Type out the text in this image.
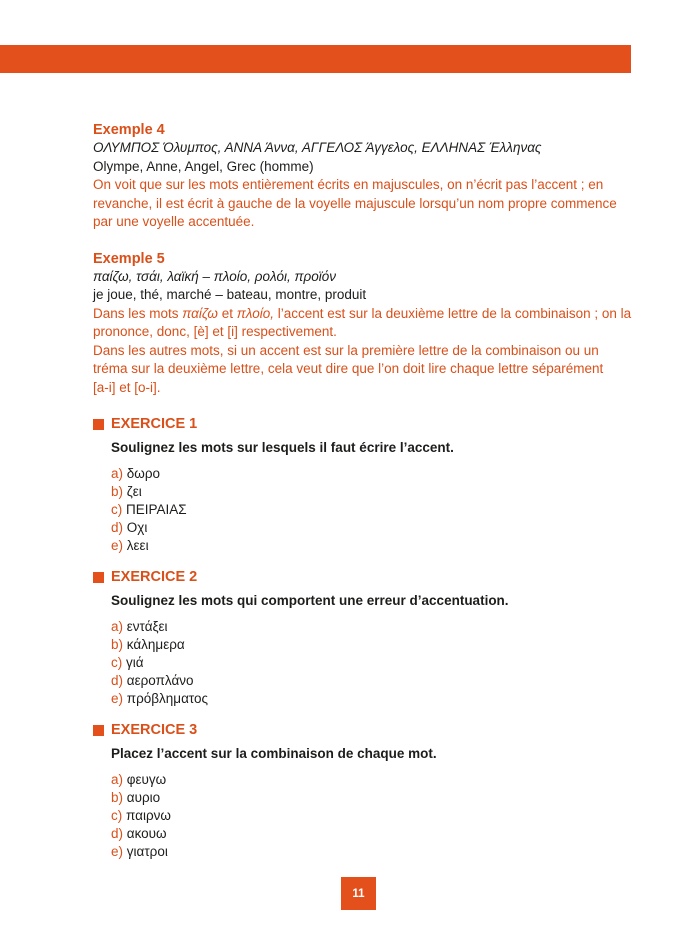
Exemple 4

ΟΛΥΜΠΟΣ Όλυμπος, ΑΝΝΑ Άννα, ΑΓΓΕΛΟΣ Άγγελος, ΕΛΛΗΝΑΣ Έλληνας

Olympe, Anne, Angel, Grec (homme)

On voit que sur les mots entièrement écrits en majuscules, on n’écrit pas l’accent ; en

revanche, il est écrit à gauche de la voyelle majuscule lorsqu’un nom propre commence

par une voyelle accentuée.

Exemple 5

παίζω, τσάι, λαϊκή – πλοίο, ρολόι, προϊόν

je joue, thé, marché – bateau, montre, produit

Dans les mots παίζω et πλοίο, l’accent est sur la deuxième lettre de la combinaison ; on la

prononce, donc, [è] et [i] respectivement.

Dans les autres mots, si un accent est sur la première lettre de la combinaison ou un

tréma sur la deuxième lettre, cela veut dire que l’on doit lire chaque lettre séparément

[a-i] et [o-i].

EXERCICE 1

Soulignez les mots sur lesquels il faut écrire l’accent.

a) δωρο
b) ζει
c) ΠΕΙΡΑΙΑΣ
d) Οχι
e) λεει
EXERCICE 2

Soulignez les mots qui comportent une erreur d’accentuation.

a) εντάξει
b) κάλημερα
c) γιά
d) αεροπλάνο
e) πρόβληματος
EXERCICE 3

Placez l’accent sur la combinaison de chaque mot.

a) φευγω
b) αυριο
c) παιρνω
d) ακουω
e) γιατροι
11
